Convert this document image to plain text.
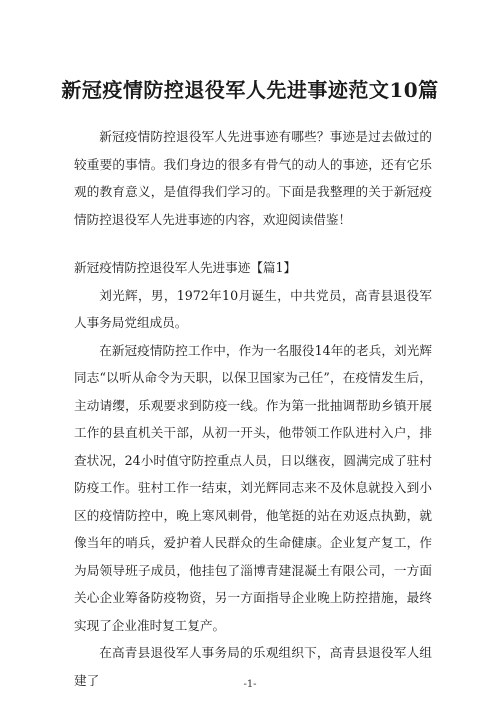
新冠疫情防控退役军人先进事迹范文10篇

新冠疫情防控退役军人先进事迹有哪些？事迹是过去做过的较重要的事情。我们身边的很多有骨气的动人的事迹，还有它乐观的教育意义，是值得我们学习的。下面是我整理的关于新冠疫情防控退役军人先进事迹的内容，欢迎阅读借鉴！

新冠疫情防控退役军人先进事迹【篇1】

刘光辉，男，1972年10月诞生，中共党员，高青县退役军人事务局党组成员。

在新冠疫情防控工作中，作为一名服役14年的老兵，刘光辉同志“以听从命令为天职，以保卫国家为己任”，在疫情发生后，主动请缨，乐观要求到防疫一线。作为第一批抽调帮助乡镇开展工作的县直机关干部，从初一开头，他带领工作队进村入户，排查状况，24小时值守防控重点人员，日以继夜，圆满完成了驻村防疫工作。驻村工作一结束，刘光辉同志来不及休息就投入到小区的疫情防控中，晚上寒风刺骨，他笔挺的站在劝返点执勤，就像当年的哨兵，爱护着人民群众的生命健康。企业复产复工，作为局领导班子成员，他挂包了淄博青建混凝土有限公司，一方面关心企业筹备防疫物资，另一方面指导企业晚上防控措施，最终实现了企业准时复工复产。

在高青县退役军人事务局的乐观组织下，高青县退役军人组建了	-1-
